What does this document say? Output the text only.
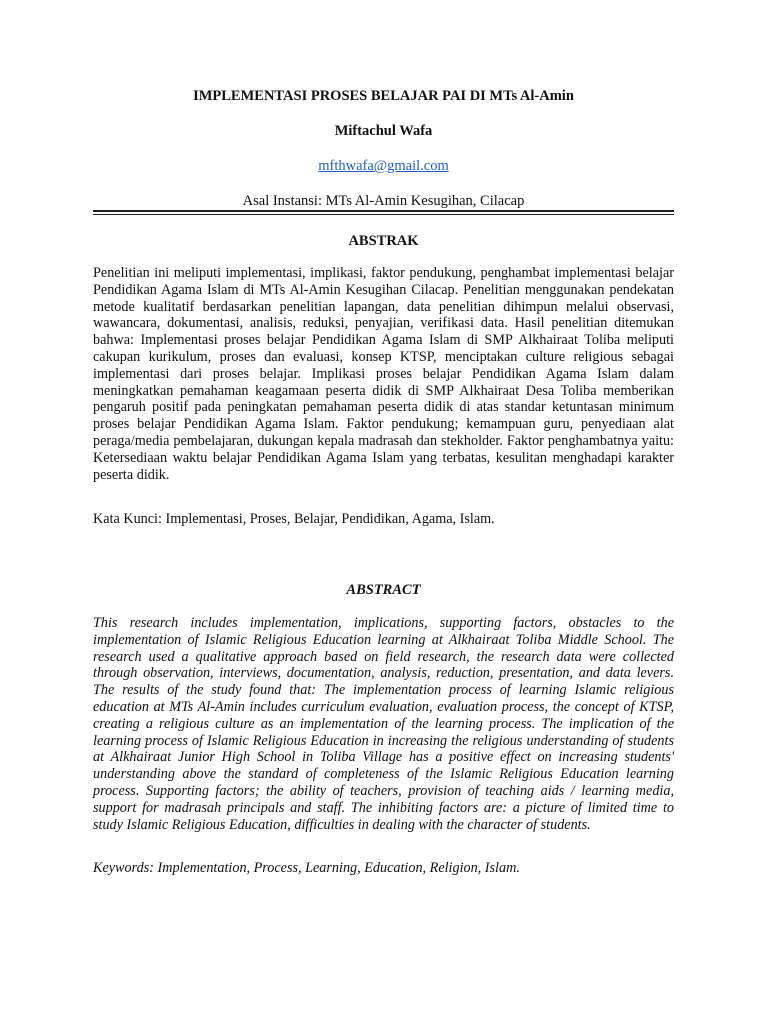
IMPLEMENTASI PROSES BELAJAR PAI DI MTs Al-Amin
Miftachul Wafa
mfthwafa@gmail.com
Asal Instansi: MTs Al-Amin Kesugihan, Cilacap
ABSTRAK

Penelitian ini meliputi implementasi, implikasi, faktor pendukung, penghambat implementasi belajar Pendidikan Agama Islam di MTs Al-Amin Kesugihan Cilacap. Penelitian menggunakan pendekatan metode kualitatif berdasarkan penelitian lapangan, data penelitian dihimpun melalui observasi, wawancara, dokumentasi, analisis, reduksi, penyajian, verifikasi data. Hasil penelitian ditemukan bahwa: Implementasi proses belajar Pendidikan Agama Islam di SMP Alkhairaat Toliba meliputi cakupan kurikulum, proses dan evaluasi, konsep KTSP, menciptakan culture religious sebagai implementasi dari proses belajar. Implikasi proses belajar Pendidikan Agama Islam dalam meningkatkan pemahaman keagamaan peserta didik di SMP Alkhairaat Desa Toliba memberikan pengaruh positif pada peningkatan pemahaman peserta didik di atas standar ketuntasan minimum proses belajar Pendidikan Agama Islam. Faktor pendukung; kemampuan guru, penyediaan alat peraga/media pembelajaran, dukungan kepala madrasah dan stekholder. Faktor penghambatnya yaitu: Ketersediaan waktu belajar Pendidikan Agama Islam yang terbatas, kesulitan menghadapi karakter peserta didik.

Kata Kunci: Implementasi, Proses, Belajar, Pendidikan, Agama, Islam.

ABSTRACT

This research includes implementation, implications, supporting factors, obstacles to the implementation of Islamic Religious Education learning at Alkhairaat Toliba Middle School. The research used a qualitative approach based on field research, the research data were collected through observation, interviews, documentation, analysis, reduction, presentation, and data levers. The results of the study found that: The implementation process of learning Islamic religious education at MTs Al-Amin includes curriculum evaluation, evaluation process, the concept of KTSP, creating a religious culture as an implementation of the learning process. The implication of the learning process of Islamic Religious Education in increasing the religious understanding of students at Alkhairaat Junior High School in Toliba Village has a positive effect on increasing students' understanding above the standard of completeness of the Islamic Religious Education learning process. Supporting factors; the ability of teachers, provision of teaching aids / learning media, support for madrasah principals and staff. The inhibiting factors are: a picture of limited time to study Islamic Religious Education, difficulties in dealing with the character of students.

Keywords: Implementation, Process, Learning, Education, Religion, Islam.
